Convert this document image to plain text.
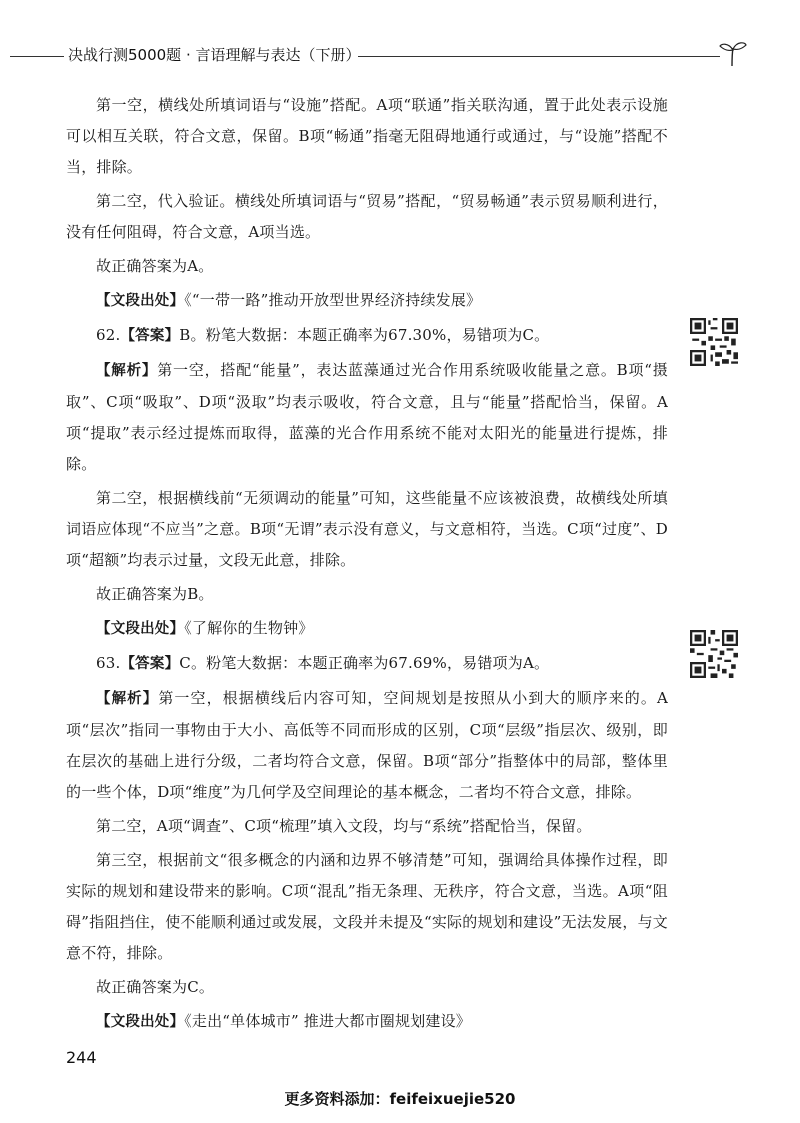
决战行测5000题 · 言语理解与表达（下册）

第一空，横线处所填词语与“设施”搭配。A项“联通”指关联沟通，置于此处表示设施可以相互关联，符合文意，保留。B项“畅通”指毫无阻碍地通行或通过，与“设施”搭配不当，排除。

第二空，代入验证。横线处所填词语与“贸易”搭配，“贸易畅通”表示贸易顺利进行，没有任何阻碍，符合文意，A项当选。

故正确答案为A。

【文段出处】《“一带一路”推动开放型世界经济持续发展》

62.【答案】B。粉笔大数据：本题正确率为67.30%，易错项为C。

【解析】第一空，搭配“能量”，表达蓝藻通过光合作用系统吸收能量之意。B项“摄取”、C项“吸取”、D项“汲取”均表示吸收，符合文意，且与“能量”搭配恰当，保留。A项“提取”表示经过提炼而取得，蓝藻的光合作用系统不能对太阳光的能量进行提炼，排除。

第二空，根据横线前“无须调动的能量”可知，这些能量不应该被浪费，故横线处所填词语应体现“不应当”之意。B项“无谓”表示没有意义，与文意相符，当选。C项“过度”、D项“超额”均表示过量，文段无此意，排除。

故正确答案为B。

【文段出处】《了解你的生物钟》

63.【答案】C。粉笔大数据：本题正确率为67.69%，易错项为A。

【解析】第一空，根据横线后内容可知，空间规划是按照从小到大的顺序来的。A项“层次”指同一事物由于大小、高低等不同而形成的区别，C项“层级”指层次、级别，即在层次的基础上进行分级，二者均符合文意，保留。B项“部分”指整体中的局部，整体里的一些个体，D项“维度”为几何学及空间理论的基本概念，二者均不符合文意，排除。

第二空，A项“调查”、C项“梳理”填入文段，均与“系统”搭配恰当，保留。

第三空，根据前文“很多概念的内涵和边界不够清楚”可知，强调给具体操作过程，即实际的规划和建设带来的影响。C项“混乱”指无条理、无秩序，符合文意，当选。A项“阻碍”指阻挡住，使不能顺利通过或发展，文段并未提及“实际的规划和建设”无法发展，与文意不符，排除。

故正确答案为C。

【文段出处】《走出“单体城市” 推进大都市圈规划建设》

244
更多资料添加：feifeixuejie520
